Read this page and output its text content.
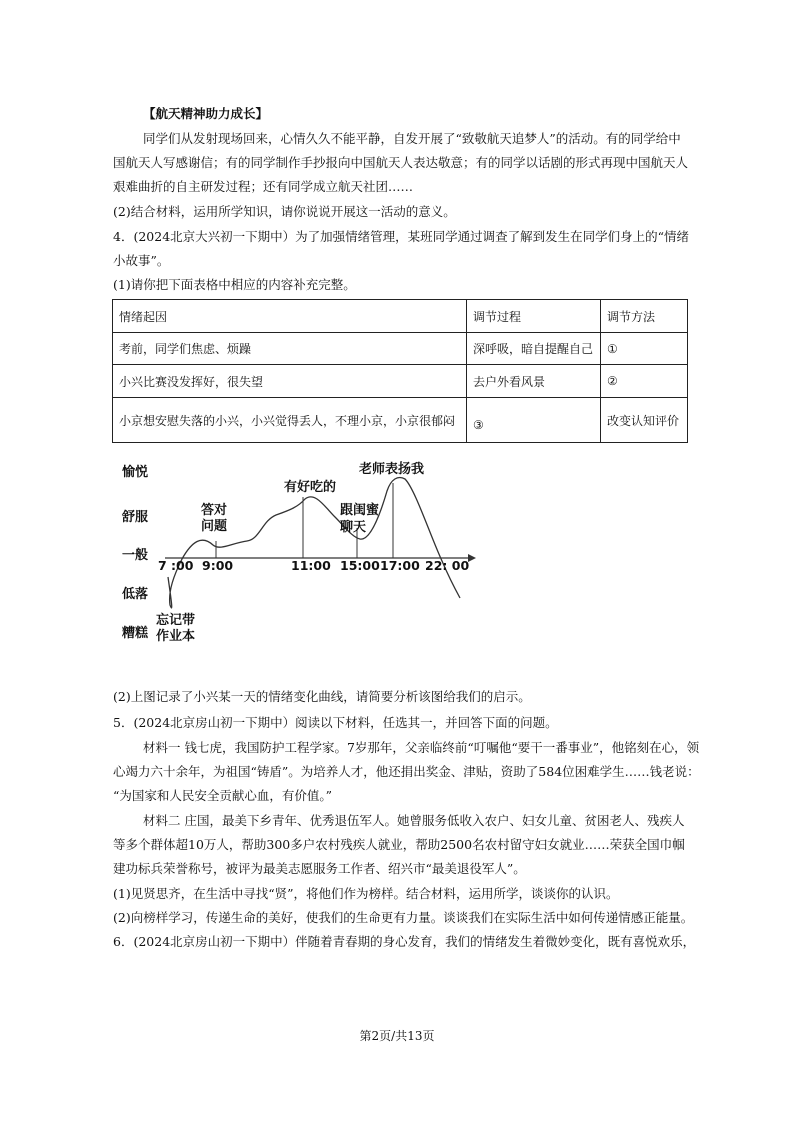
【航天精神助力成长】
同学们从发射现场回来，心情久久不能平静，自发开展了“致敬航天追梦人”的活动。有的同学给中
国航天人写感谢信；有的同学制作手抄报向中国航天人表达敬意；有的同学以话剧的形式再现中国航天人
艰难曲折的自主研发过程；还有同学成立航天社团……
(2)结合材料，运用所学知识，请你说说开展这一活动的意义。
4．(2024北京大兴初一下期中）为了加强情绪管理，某班同学通过调查了解到发生在同学们身上的“情绪
小故事”。
(1)请你把下面表格中相应的内容补充完整。
情绪起因	调节过程	调节方法
考前，同学们焦虑、烦躁	深呼吸，暗自提醒自己	①
小兴比赛没发挥好，很失望	去户外看风景	②
小京想安慰失落的小兴，小兴觉得丢人，不理小京，小京很郁闷	③	改变认知评价
愉悦
舒服
一般
低落
糟糕
7 :00 9:00	11:00 15:00 17:00 22: 00
忘记带
作业本
答对
问题
有好吃的
跟闺蜜
聊天
老师表扬我
(2)上图记录了小兴某一天的情绪变化曲线，请简要分析该图给我们的启示。
5．(2024北京房山初一下期中）阅读以下材料，任选其一，并回答下面的问题。
材料一 钱七虎，我国防护工程学家。7岁那年，父亲临终前“叮嘱他“要干一番事业”，他铭刻在心，领
心竭力六十余年，为祖国“铸盾”。为培养人才，他还捐出奖金、津贴，资助了584位困难学生……钱老说：
“为国家和人民安全贡献心血，有价值。”
材料二 庄国，最美下乡青年、优秀退伍军人。她曾服务低收入农户、妇女儿童、贫困老人、残疾人
等多个群体超10万人，帮助300多户农村残疾人就业，帮助2500名农村留守妇女就业……荣获全国巾帼
建功标兵荣誉称号，被评为最美志愿服务工作者、绍兴市“最美退役军人”。
(1)见贤思齐，在生活中寻找“贤”，将他们作为榜样。结合材料，运用所学，谈谈你的认识。
(2)向榜样学习，传递生命的美好，使我们的生命更有力量。谈谈我们在实际生活中如何传递情感正能量。
6．(2024北京房山初一下期中）伴随着青春期的身心发育，我们的情绪发生着微妙变化，既有喜悦欢乐，
第2页/共13页
